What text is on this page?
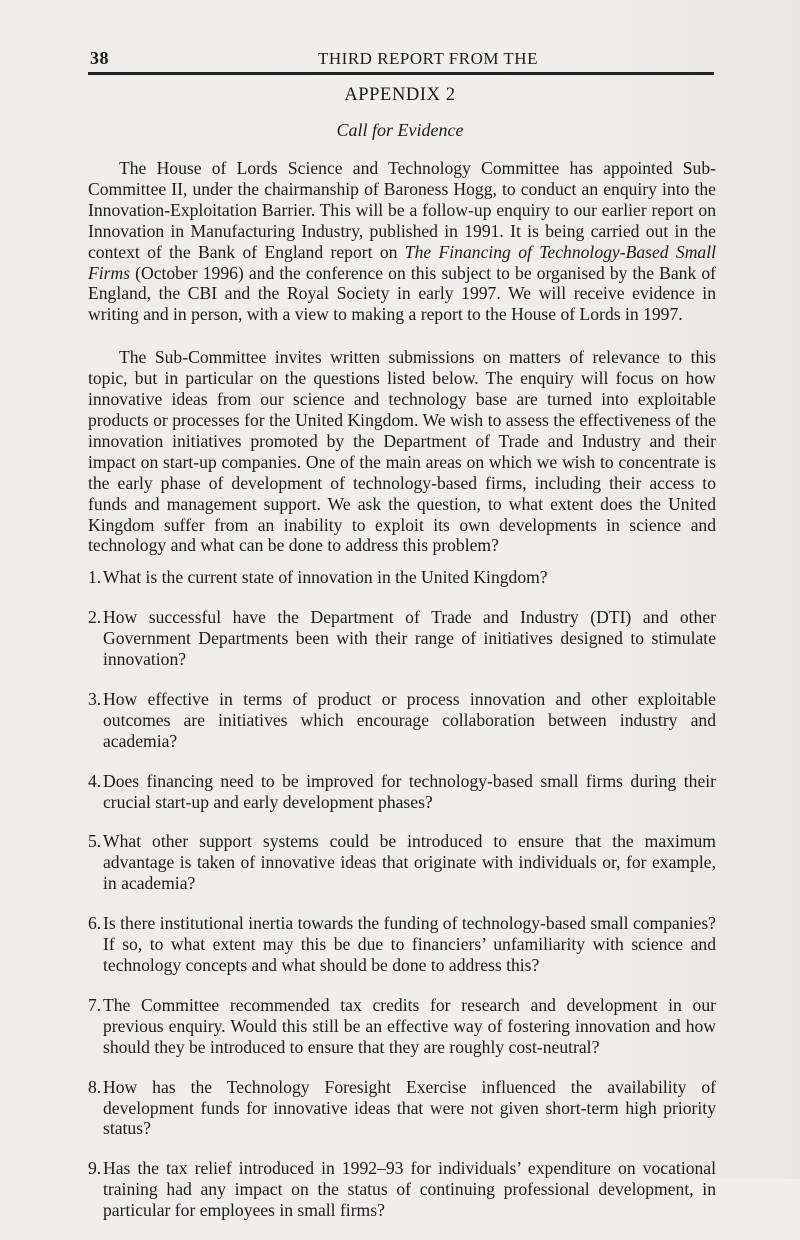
38	THIRD REPORT FROM THE
APPENDIX 2
Call for Evidence

The House of Lords Science and Technology Committee has appointed Sub-Committee II, under the chairmanship of Baroness Hogg, to conduct an enquiry into the Innovation-Exploitation Barrier. This will be a follow-up enquiry to our earlier report on Innovation in Manufacturing Industry, published in 1991. It is being carried out in the context of the Bank of England report on The Financing of Technology-Based Small Firms (October 1996) and the conference on this subject to be organised by the Bank of England, the CBI and the Royal Society in early 1997. We will receive evidence in writing and in person, with a view to making a report to the House of Lords in 1997.

The Sub-Committee invites written submissions on matters of relevance to this topic, but in particular on the questions listed below. The enquiry will focus on how innovative ideas from our science and technology base are turned into exploitable products or processes for the United Kingdom. We wish to assess the effectiveness of the innovation initiatives promoted by the Department of Trade and Industry and their impact on start-up companies. One of the main areas on which we wish to concentrate is the early phase of development of technology-based firms, including their access to funds and management support. We ask the question, to what extent does the United Kingdom suffer from an inability to exploit its own developments in science and technology and what can be done to address this problem?

1. What is the current state of innovation in the United Kingdom?
2. How successful have the Department of Trade and Industry (DTI) and other Government Departments been with their range of initiatives designed to stimulate innovation?
3. How effective in terms of product or process innovation and other exploitable outcomes are initiatives which encourage collaboration between industry and academia?
4. Does financing need to be improved for technology-based small firms during their crucial start-up and early development phases?
5. What other support systems could be introduced to ensure that the maximum advantage is taken of innovative ideas that originate with individuals or, for example, in academia?
6. Is there institutional inertia towards the funding of technology-based small companies? If so, to what extent may this be due to financiers’ unfamiliarity with science and technology concepts and what should be done to address this?
7. The Committee recommended tax credits for research and development in our previous enquiry. Would this still be an effective way of fostering innovation and how should they be introduced to ensure that they are roughly cost-neutral?
8. How has the Technology Foresight Exercise influenced the availability of development funds for innovative ideas that were not given short-term high priority status?
9. Has the tax relief introduced in 1992–93 for individuals’ expenditure on vocational training had any impact on the status of continuing professional development, in particular for employees in small firms?
